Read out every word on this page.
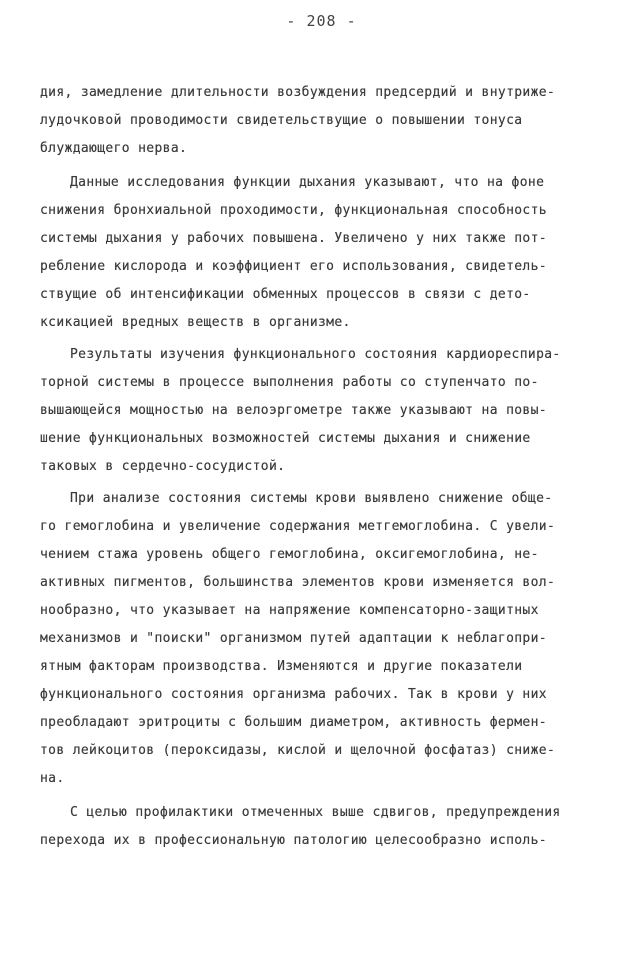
- 208 -
дия, замедление длительности возбуждения предсердий и внутриже-
лудочковой проводимости свидетельствущие о повышении тонуса
блуждающего нерва.
Данные исследования функции дыхания указывают, что на фоне
снижения бронхиальной проходимости, функциональная способность
системы дыхания у рабочих повышена. Увеличено у них также пот-
ребление кислорода и коэффициент его использования, свидетель-
ствущие об интенсификации обменных процессов в связи с дето-
ксикацией вредных веществ в организме.
Результаты изучения функционального состояния кардиореспира-
торной системы в процессе выполнения работы со ступенчато по-
вышающейся мощностью на велоэргометре также указывают на повы-
шение функциональных возможностей системы дыхания и снижение
таковых в сердечно-сосудистой.
При анализе состояния системы крови выявлено снижение обще-
го гемоглобина и увеличение содержания метгемоглобина. С увели-
чением стажа уровень общего гемоглобина, оксигемоглобина, не-
активных пигментов, большинства элементов крови изменяется вол-
нообразно, что указывает на напряжение компенсаторно-защитных
механизмов и "поиски" организмом путей адаптации к неблагопри-
ятным факторам производства. Изменяются и другие показатели
функционального состояния организма рабочих. Так в крови у них
преобладают эритроциты с большим диаметром, активность фермен-
тов лейкоцитов (пероксидазы, кислой и щелочной фосфатаз) снижe-
на.
С целью профилактики отмеченных выше сдвигов, предупреждения
перехода их в профессиональную патологию целесообразно исполь-
